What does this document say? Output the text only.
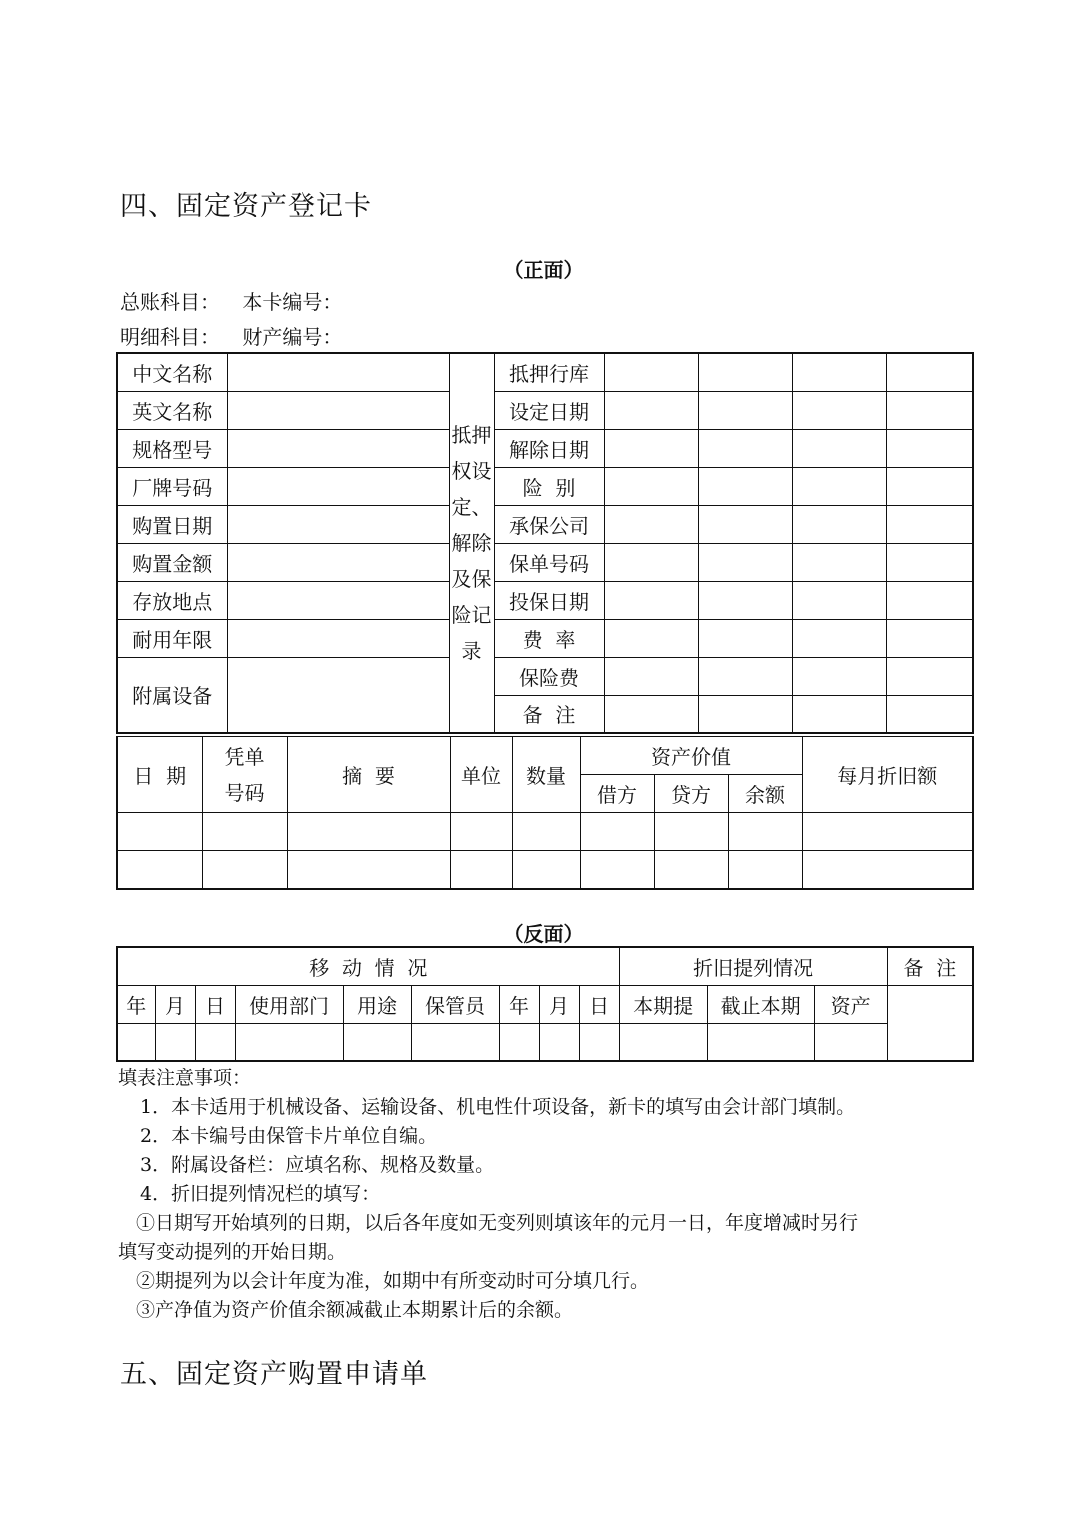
四、固定资产登记卡
（正面）
总账科目： 本卡编号：
明细科目： 财产编号：
中文名称		抵押权设定、解除及保险记录	抵押行库				
英文名称			设定日期				
规格型号			解除日期				
厂牌号码			险  别				
购置日期			承保公司				
购置金额			保单号码				
存放地点			投保日期				
耐用年限			费  率				
附属设备			保险费				
			备  注				
日  期	凭单号码	摘  要	单位	数量	资产价值			每月折旧额
					借方	贷方	余额	

（反面）
移  动  情  况									折旧提列情况			备  注
年	月	日	使用部门	用途	保管员	年	月	日	本期提	截止本期	资产	

填表注意事项：
1．本卡适用于机械设备、运输设备、机电性什项设备，新卡的填写由会计部门填制。
2．本卡编号由保管卡片单位自编。
3．附属设备栏：应填名称、规格及数量。
4．折旧提列情况栏的填写：
①日期写开始填列的日期，以后各年度如无变列则填该年的元月一日，年度增减时另行
填写变动提列的开始日期。
②期提列为以会计年度为准，如期中有所变动时可分填几行。
③产净值为资产价值余额减截止本期累计后的余额。
五、固定资产购置申请单
